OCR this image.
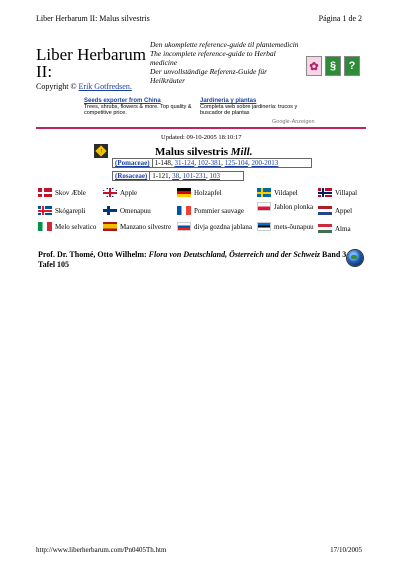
Liber Herbarum II: Malus silvestris	Página 1 de 2
Liber Herbarum
II:
Copyright © Erik Gotfredsen.
Den ukomplette reference-guide til plantemedicin
The incomplete reference-guide to Herbal medicine
Der unvollständige Referenz-Guide für Heilkräuter
✿	§	?
Seeds exporter from China
Trees, shrubs, flowers & more. Top quality & competitive price.
Jardineria y plantas
Completa web sobre jardinería: trucos y buscador de plantas
Google-Anzeigen
Updated: 09-10-2005 18:10:17
↑	Malus silvestris Mill.
(Pomaceae) 1-148, 31-124, 102-381, 125-104, 200-2013
(Rosaceae) 1-121, 38, 101-231, 103
Skov Æble	Apple	Holzapfel	Vildapel	Villapal
Skógarepli	Omenapuu	Pommier sauvage	Jablon plonka	Appel
Melo selvatico	Manzano silvestre	divja gozdna jablana	mets-õunapuu	Alma
Prof. Dr. Thomé, Otto Wilhelm: Flora von Deutschland, Österreich und der Schweiz Band 3 Tafel 105
http://www.liberherbarum.com/Pn0405Th.htm	17/10/2005
